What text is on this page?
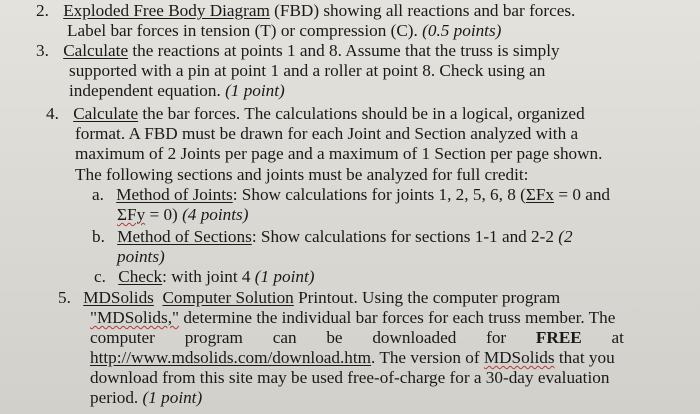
2. Exploded Free Body Diagram (FBD) showing all reactions and bar forces.
Label bar forces in tension (T) or compression (C). (0.5 points)
3. Calculate the reactions at points 1 and 8. Assume that the truss is simply
supported with a pin at point 1 and a roller at point 8. Check using an
independent equation. (1 point)
4. Calculate the bar forces. The calculations should be in a logical, organized
format. A FBD must be drawn for each Joint and Section analyzed with a
maximum of 2 Joints per page and a maximum of 1 Section per page shown.
The following sections and joints must be analyzed for full credit:
a. Method of Joints: Show calculations for joints 1, 2, 5, 6, 8 (ΣFx = 0 and
ΣFy = 0) (4 points)
b. Method of Sections: Show calculations for sections 1-1 and 2-2 (2
points)
c. Check: with joint 4 (1 point)
5. MDSolids Computer Solution Printout. Using the computer program
"MDSolids," determine the individual bar forces for each truss member. The
computer program can be downloaded for FREE at
http://www.mdsolids.com/download.htm. The version of MDSolids that you
download from this site may be used free-of-charge for a 30-day evaluation
period. (1 point)
